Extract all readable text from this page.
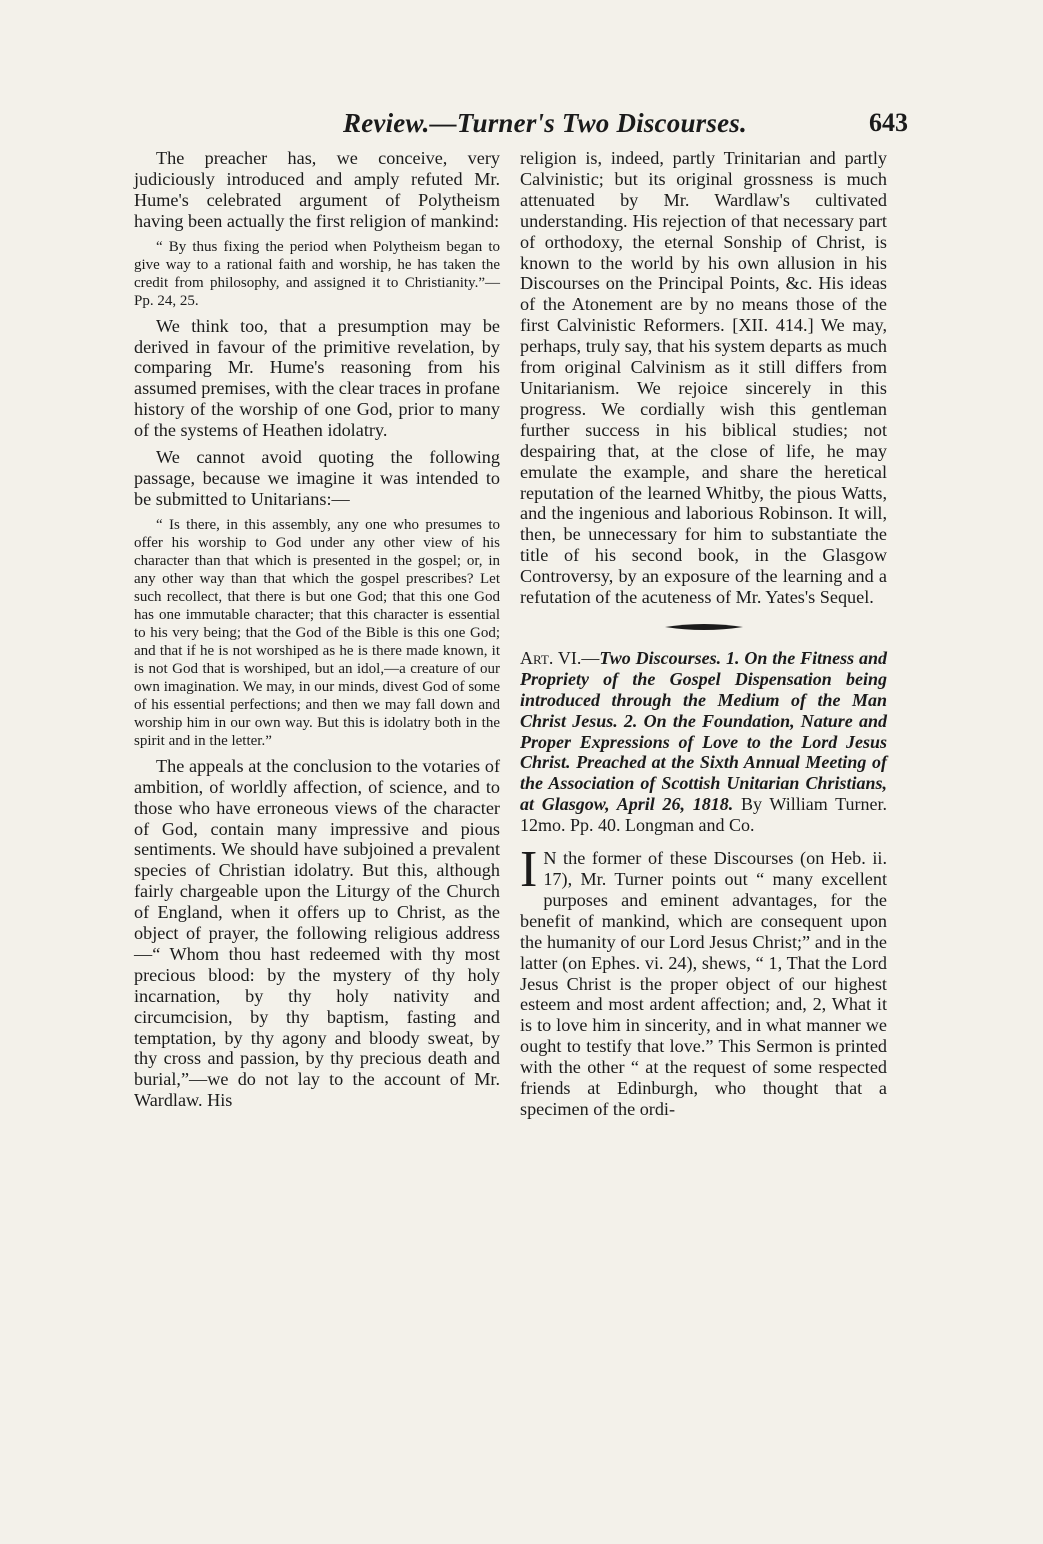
Review.—Turner's Two Discourses.	643

The preacher has, we conceive, very judiciously introduced and amply refuted Mr. Hume's celebrated argument of Polytheism having been actually the first religion of mankind:

“ By thus fixing the period when Polytheism began to give way to a rational faith and worship, he has taken the credit from philosophy, and assigned it to Christianity.”—Pp. 24, 25.

We think too, that a presumption may be derived in favour of the primitive revelation, by comparing Mr. Hume's reasoning from his assumed premises, with the clear traces in profane history of the worship of one God, prior to many of the systems of Heathen idolatry.

We cannot avoid quoting the following passage, because we imagine it was intended to be submitted to Unitarians:—

“ Is there, in this assembly, any one who presumes to offer his worship to God under any other view of his character than that which is presented in the gospel; or, in any other way than that which the gospel prescribes? Let such recollect, that there is but one God; that this one God has one immutable character; that this character is essential to his very being; that the God of the Bible is this one God; and that if he is not worshiped as he is there made known, it is not God that is worshiped, but an idol,—a creature of our own imagination. We may, in our minds, divest God of some of his essential perfections; and then we may fall down and worship him in our own way. But this is idolatry both in the spirit and in the letter.”

The appeals at the conclusion to the votaries of ambition, of worldly affection, of science, and to those who have erroneous views of the character of God, contain many impressive and pious sentiments. We should have subjoined a prevalent species of Christian idolatry. But this, although fairly chargeable upon the Liturgy of the Church of England, when it offers up to Christ, as the object of prayer, the following religious address—“ Whom thou hast redeemed with thy most precious blood: by the mystery of thy holy incarnation, by thy holy nativity and circumcision, by thy baptism, fasting and temptation, by thy agony and bloody sweat, by thy cross and passion, by thy precious death and burial,”—we do not lay to the account of Mr. Wardlaw. His

religion is, indeed, partly Trinitarian and partly Calvinistic; but its original grossness is much attenuated by Mr. Wardlaw's cultivated understanding. His rejection of that necessary part of orthodoxy, the eternal Sonship of Christ, is known to the world by his own allusion in his Discourses on the Principal Points, &c. His ideas of the Atonement are by no means those of the first Calvinistic Reformers. [XII. 414.] We may, perhaps, truly say, that his system departs as much from original Calvinism as it still differs from Unitarianism. We rejoice sincerely in this progress. We cordially wish this gentleman further success in his biblical studies; not despairing that, at the close of life, he may emulate the example, and share the heretical reputation of the learned Whitby, the pious Watts, and the ingenious and laborious Robinson. It will, then, be unnecessary for him to substantiate the title of his second book, in the Glasgow Controversy, by an exposure of the learning and a refutation of the acuteness of Mr. Yates's Sequel.

Art. VI.—Two Discourses. 1. On the Fitness and Propriety of the Gospel Dispensation being introduced through the Medium of the Man Christ Jesus. 2. On the Foundation, Nature and Proper Expressions of Love to the Lord Jesus Christ. Preached at the Sixth Annual Meeting of the Association of Scottish Unitarian Christians, at Glasgow, April 26, 1818. By William Turner. 12mo. Pp. 40. Longman and Co.

I N the former of these Discourses (on Heb. ii. 17), Mr. Turner points out “ many excellent purposes and eminent advantages, for the benefit of mankind, which are consequent upon the humanity of our Lord Jesus Christ;” and in the latter (on Ephes. vi. 24), shews, “ 1, That the Lord Jesus Christ is the proper object of our highest esteem and most ardent affection; and, 2, What it is to love him in sincerity, and in what manner we ought to testify that love.” This Sermon is printed with the other “ at the request of some respected friends at Edinburgh, who thought that a specimen of the ordi-
